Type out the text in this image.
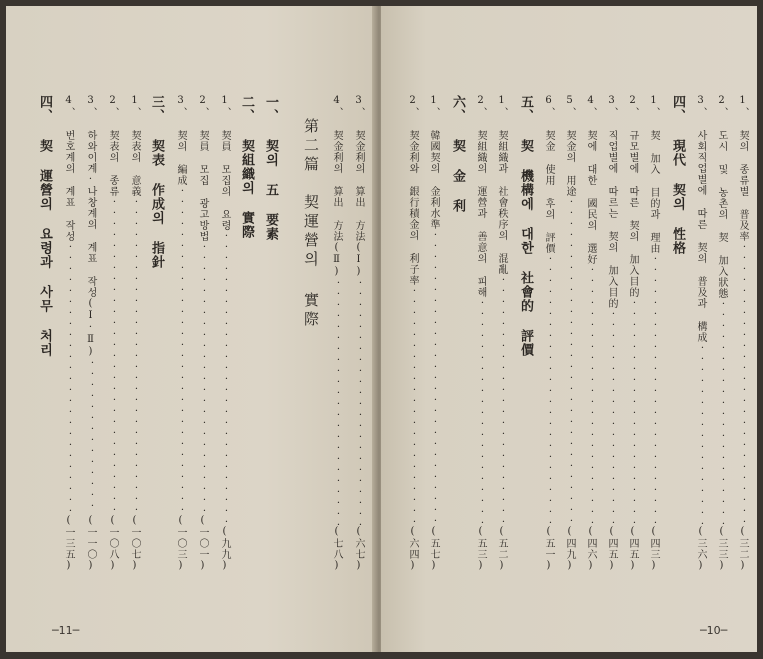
3、 契金利의 算出 方法(Ⅰ)
·····
(六七)
4、 契金利의 算出 方法(Ⅱ)
·····
(七八)
第二篇　契運營의 實際
一、 契의 五 要素
二、 契組織의 實際
1、 契員 모집의 요령
·····
(九九)
2、 契員 모집 광고방법
·····
(一〇一)
3、 契의 編成
·····
(一〇三)
三、 契表 作成의 指針
1、 契表의 意義
·····
(一〇七)
2、 契表의 종류
·····
(一〇八)
3、 하와이계·나창계의 계표 작성(Ⅰ·Ⅱ)
·····
(一一〇)
4、 번호계의 계표 작성
·····
(一三五)
四、 契 運營의 요령과 사무 처리	1、 契의 종류별 普及率
·····
(三二)
2、 도시 및 농촌의 契 加入狀態
·····
(三三)
3、 사회직업별에 따른 契의 普及과 構成
·····
(三六)
四、 現代 契의 性格
1、 契 加入 目的과 理由
·····
(四三)
2、 규모별에 따른 契의 加入目的
·····
(四五)
3、 직업별에 따르는 契의 加入目的
·····
(四五)
4、 契에 대한 國民의 選好
·····
(四六)
5、 契金의 用途
·····
(四九)
6、 契金 使用 후의 評價
·····
(五一)
五、 契 機構에 대한 社會的 評價
1、 契組織과 社會秩序의 混亂
·····
(五二)
2、 契組織의 運營과 善意의 피해
·····
(五三)
六、 契 金 利
1、 韓國契의 金利水準
·····
(五七)
2、 契金利와 銀行積金의 利子率
·····
(六四)
─11─	─10─
